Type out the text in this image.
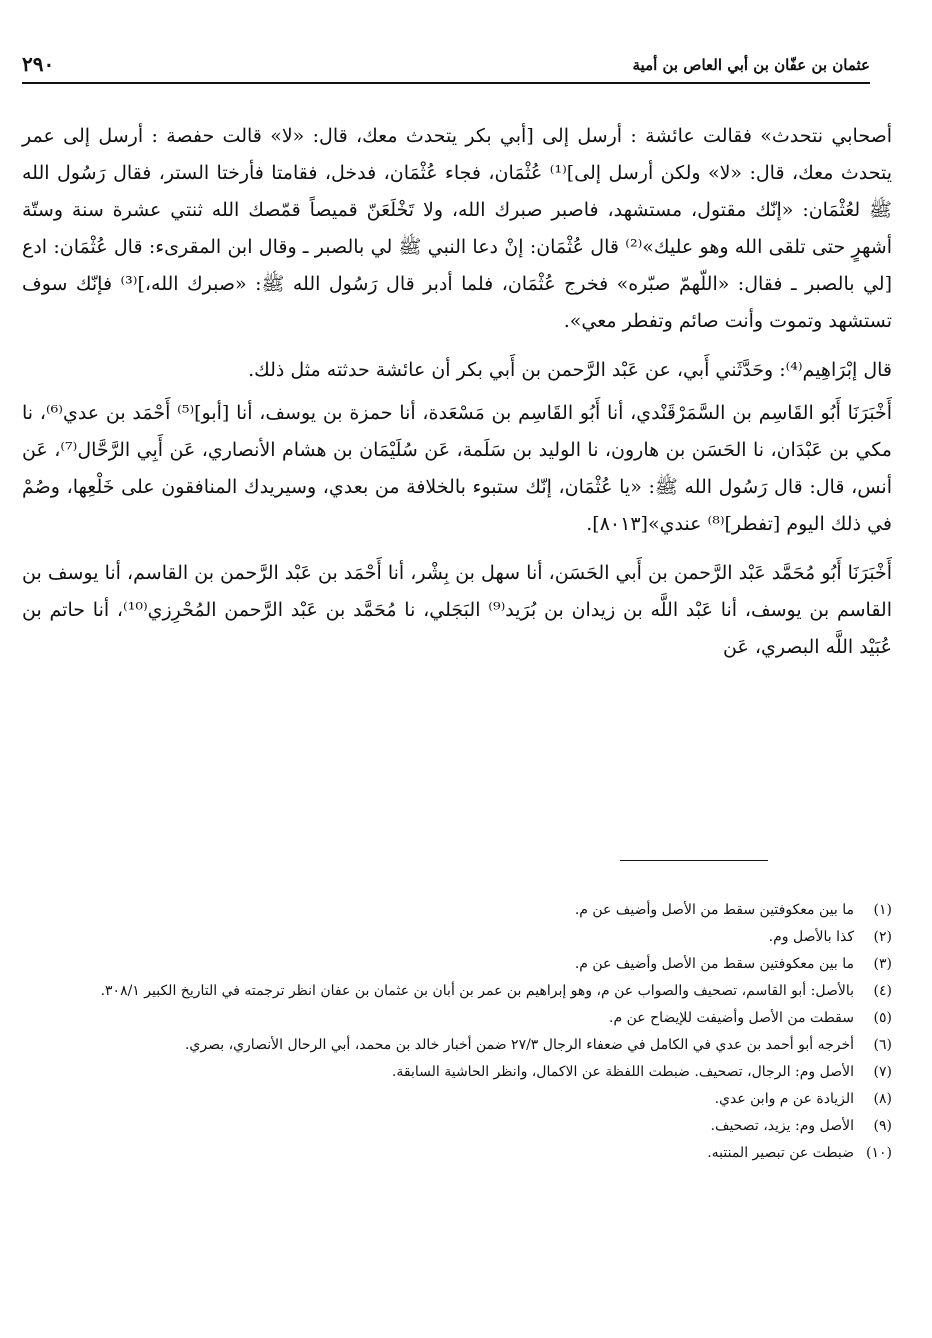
عثمان بن عفّان بن أبي العاص بن أمية
٢٩٠

أصحابي نتحدث» فقالت عائشة : أرسل إلى [أبي بكر يتحدث معك، قال: «لا» قالت حفصة : أرسل إلى عمر يتحدث معك، قال: «لا» ولكن أرسل إلى]⁽¹⁾ عُثْمَان، فجاء عُثْمَان، فدخل، فقامتا فأرختا الستر، فقال رَسُول الله ﷺ لعُثْمَان: «إنّك مقتول، مستشهد، فاصبر صبرك الله، ولا تَخْلَعَنّ قميصاً قمّصك الله ثنتي عشرة سنة وستّة أشهرٍ حتى تلقى الله وهو عليك»⁽²⁾ قال عُثْمَان: إنْ دعا النبي ﷺ لي بالصبر ـ وقال ابن المقرىء: قال عُثْمَان: ادع [لي بالصبر ـ فقال: «اللّهمّ صبّره» فخرج عُثْمَان، فلما أدبر قال رَسُول الله ﷺ: «صبرك الله،]⁽³⁾ فإنّك سوف تستشهد وتموت وأنت صائم وتفطر معي».

قال إبْرَاهِيم⁽⁴⁾: وحَدَّثَني أَبي، عن عَبْد الرَّحمن بن أَبي بكر أن عائشة حدثته مثل ذلك.

أَخْبَرَنَا أَبُو القَاسِم بن السَّمَرْقَنْدي، أنا أَبُو القَاسِم بن مَسْعَدة، أنا حمزة بن يوسف، أنا [أبو]⁽⁵⁾ أَحْمَد بن عدي⁽⁶⁾، نا مكي بن عَبْدَان، نا الحَسَن بن هارون، نا الوليد بن سَلَمة، عَن سُلَيْمَان بن هشام الأنصاري، عَن أَبِي الرَّحَّال⁽⁷⁾، عَن أنس، قال: قال رَسُول الله ﷺ: «يا عُثْمَان، إنّك ستبوء بالخلافة من بعدي، وسيريدك المنافقون على خَلْعِها، وصُمْ في ذلك اليوم [تفطر]⁽⁸⁾ عندي»[٨٠١٣].

أَخْبَرَنَا أَبُو مُحَمَّد عَبْد الرَّحمن بن أَبي الحَسَن، أنا سهل بن بِشْر، أنا أَحْمَد بن عَبْد الرَّحمن بن القاسم، أنا يوسف بن القاسم بن يوسف، أنا عَبْد اللَّه بن زيدان بن بُرَيد⁽⁹⁾ البَجَلي، نا مُحَمَّد بن عَبْد الرَّحمن المُحْرِزي⁽¹⁰⁾، أنا حاتم بن عُبَيْد اللَّه البصري، عَن

(١)
ما بين معكوفتين سقط من الأصل وأضيف عن م.
(٢)
كذا بالأصل وم.
(٣)
ما بين معكوفتين سقط من الأصل وأضيف عن م.
(٤)
بالأصل: أبو القاسم، تصحيف والصواب عن م، وهو إبراهيم بن عمر بن أبان بن عثمان بن عفان انظر ترجمته في التاريخ الكبير ٣٠٨/١.
(٥)
سقطت من الأصل وأضيفت للإيضاح عن م.
(٦)
أخرجه أبو أحمد بن عدي في الكامل في ضعفاء الرجال ٢٧/٣ ضمن أخبار خالد بن محمد، أبي الرحال الأنصاري، بصري.
(٧)
الأصل وم: الرجال، تصحيف. ضبطت اللفظة عن الاكمال، وانظر الحاشية السابقة.
(٨)
الزيادة عن م وابن عدي.
(٩)
الأصل وم: يزيد، تصحيف.
(١٠)
ضبطت عن تبصير المنتبه.
